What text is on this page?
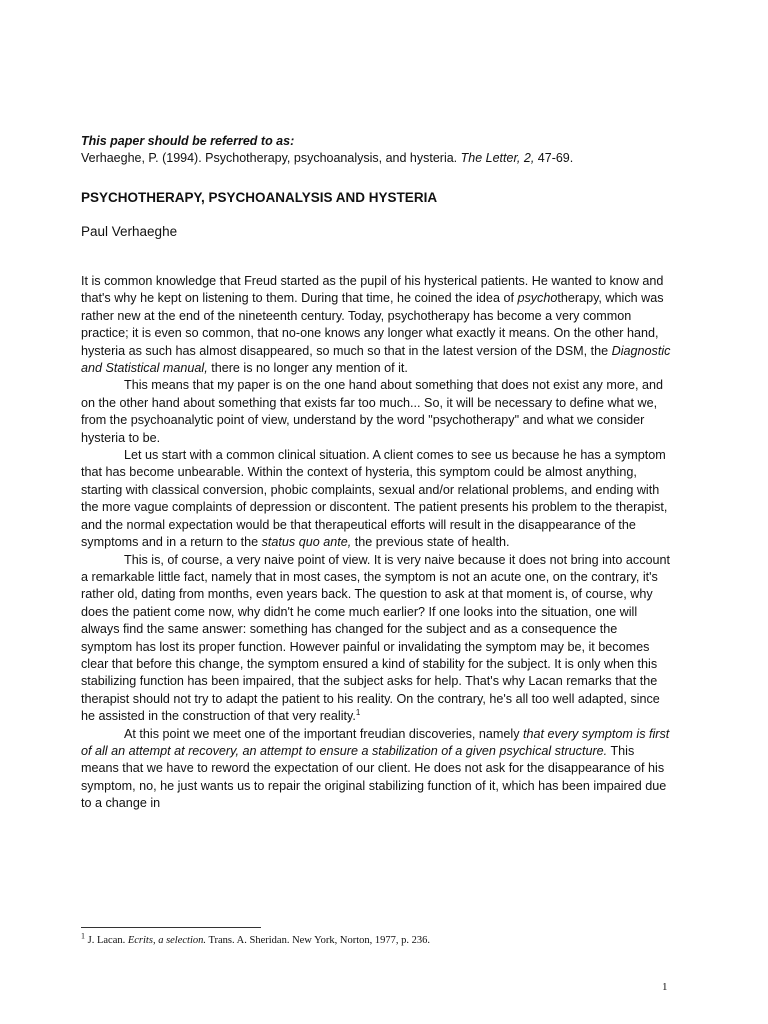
This paper should be referred to as:
Verhaeghe, P. (1994). Psychotherapy, psychoanalysis, and hysteria. The Letter, 2, 47-69.
PSYCHOTHERAPY, PSYCHOANALYSIS AND HYSTERIA
Paul Verhaeghe

It is common knowledge that Freud started as the pupil of his hysterical patients. He wanted to know and that's why he kept on listening to them. During that time, he coined the idea of psychotherapy, which was rather new at the end of the nineteenth century. Today, psychotherapy has become a very common practice; it is even so common, that no-one knows any longer what exactly it means. On the other hand, hysteria as such has almost disappeared, so much so that in the latest version of the DSM, the Diagnostic and Statistical manual, there is no longer any mention of it.

This means that my paper is on the one hand about something that does not exist any more, and on the other hand about something that exists far too much... So, it will be necessary to define what we, from the psychoanalytic point of view, understand by the word "psychotherapy" and what we consider hysteria to be.

Let us start with a common clinical situation. A client comes to see us because he has a symptom that has become unbearable. Within the context of hysteria, this symptom could be almost anything, starting with classical conversion, phobic complaints, sexual and/or relational problems, and ending with the more vague complaints of depression or discontent. The patient presents his problem to the therapist, and the normal expectation would be that therapeutical efforts will result in the disappearance of the symptoms and in a return to the status quo ante, the previous state of health.

This is, of course, a very naive point of view. It is very naive because it does not bring into account a remarkable little fact, namely that in most cases, the symptom is not an acute one, on the contrary, it's rather old, dating from months, even years back. The question to ask at that moment is, of course, why does the patient come now, why didn't he come much earlier? If one looks into the situation, one will always find the same answer: something has changed for the subject and as a consequence the symptom has lost its proper function. However painful or invalidating the symptom may be, it becomes clear that before this change, the symptom ensured a kind of stability for the subject. It is only when this stabilizing function has been impaired, that the subject asks for help. That's why Lacan remarks that the therapist should not try to adapt the patient to his reality. On the contrary, he's all too well adapted, since he assisted in the construction of that very reality.$^1$

At this point we meet one of the important freudian discoveries, namely that every symptom is first of all an attempt at recovery, an attempt to ensure a stabilization of a given psychical structure. This means that we have to reword the expectation of our client. He does not ask for the disappearance of his symptom, no, he just wants us to repair the original stabilizing function of it, which has been impaired due to a change in

$^1$ J. Lacan. Ecrits, a selection. Trans. A. Sheridan. New York, Norton, 1977, p. 236.
1
